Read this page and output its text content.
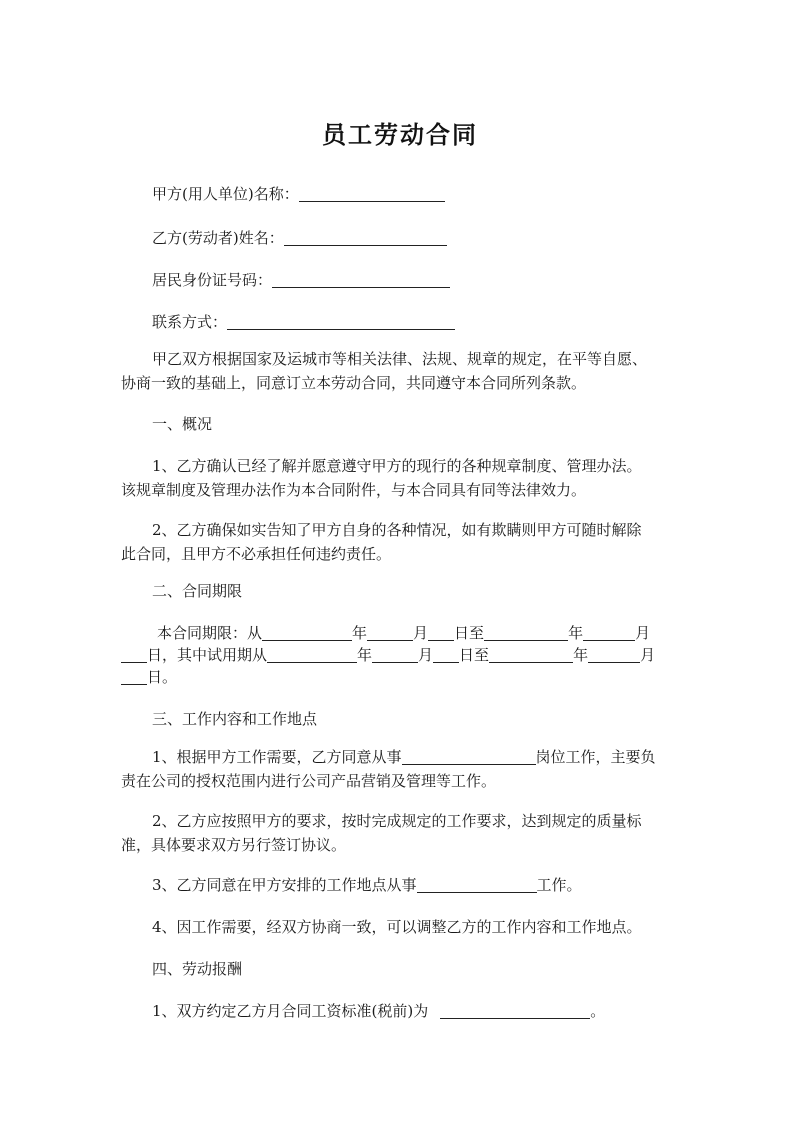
员工劳动合同
甲方(用人单位)名称：
乙方(劳动者)姓名：
居民身份证号码：
联系方式：
甲乙双方根据国家及运城市等相关法律、法规、规章的规定，在平等自愿、
协商一致的基础上，同意订立本劳动合同，共同遵守本合同所列条款。
一、概况
1、乙方确认已经了解并愿意遵守甲方的现行的各种规章制度、管理办法。
该规章制度及管理办法作为本合同附件，与本合同具有同等法律效力。
2、乙方确保如实告知了甲方自身的各种情况，如有欺瞒则甲方可随时解除
此合同，且甲方不必承担任何违约责任。
二、合同期限
本合同期限：从	年	月 日至	年	月
日，其中试用期从	年	月 日至	年	月
日。
三、工作内容和工作地点
1、根据甲方工作需要，乙方同意从事	岗位工作，主要负
责在公司的授权范围内进行公司产品营销及管理等工作。
2、乙方应按照甲方的要求，按时完成规定的工作要求，达到规定的质量标
准，具体要求双方另行签订协议。
3、乙方同意在甲方安排的工作地点从事	工作。
4、因工作需要，经双方协商一致，可以调整乙方的工作内容和工作地点。
四、劳动报酬
1、双方约定乙方月合同工资标准(税前)为	。
